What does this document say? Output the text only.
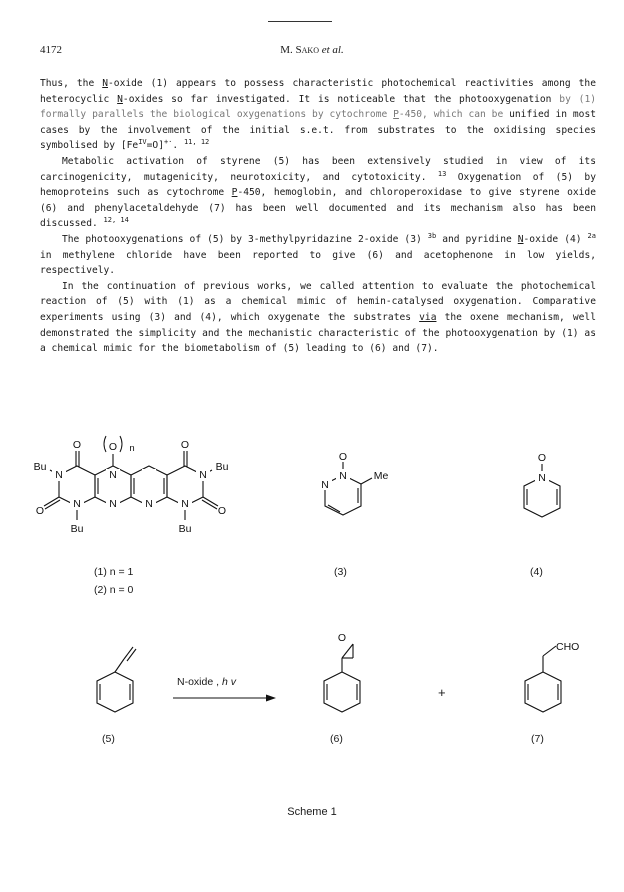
4172	M. Sako et al.

Thus, the N-oxide (1) appears to possess characteristic photochemical reactivities among the heterocyclic N-oxides so far investigated. It is noticeable that the photooxygenation by (1) formally parallels the biological oxygenations by cytochrome P-450, which can be unified in most cases by the involvement of the initial s.e.t. from substrates to the oxidising species symbolised by $[Fe^{IV}=O]^{+\cdot}$. $^{11, 12}$

Metabolic activation of styrene (5) has been extensively studied in view of its carcinogenicity, mutagenicity, neurotoxicity, and cytotoxicity. $^{13}$ Oxygenation of (5) by hemoproteins such as cytochrome P-450, hemoglobin, and chloroperoxidase to give styrene oxide (6) and phenylacetaldehyde (7) has been well documented and its mechanism also has been discussed. $^{12, 14}$

The photooxygenations of (5) by 3-methylpyridazine 2-oxide (3) $^{3b}$ and pyridine N-oxide (4) $^{2a}$ in methylene chloride have been reported to give (6) and acetophenone in low yields, respectively.

In the continuation of previous works, we called attention to evaluate the photochemical reaction of (5) with (1) as a chemical mimic of hemin-catalysed oxygenation. Comparative experiments using (3) and (4), which oxygenate the substrates via the oxene mechanism, well demonstrated the simplicity and the mechanistic characteristic of the photooxygenation by (1) as a chemical mimic for the biometabolism of (5) leading to (6) and (7).

N
N	N
N	N
N	N
O	O
O	O
O n
Bu	Bu
Bu	Bu
N
N
O
Me	N
O
O
CHO
(1) n = 1
(2) n = 0
(3)	(4)
(5)	(6)	(7)
N-oxide , h v
+
Scheme 1
